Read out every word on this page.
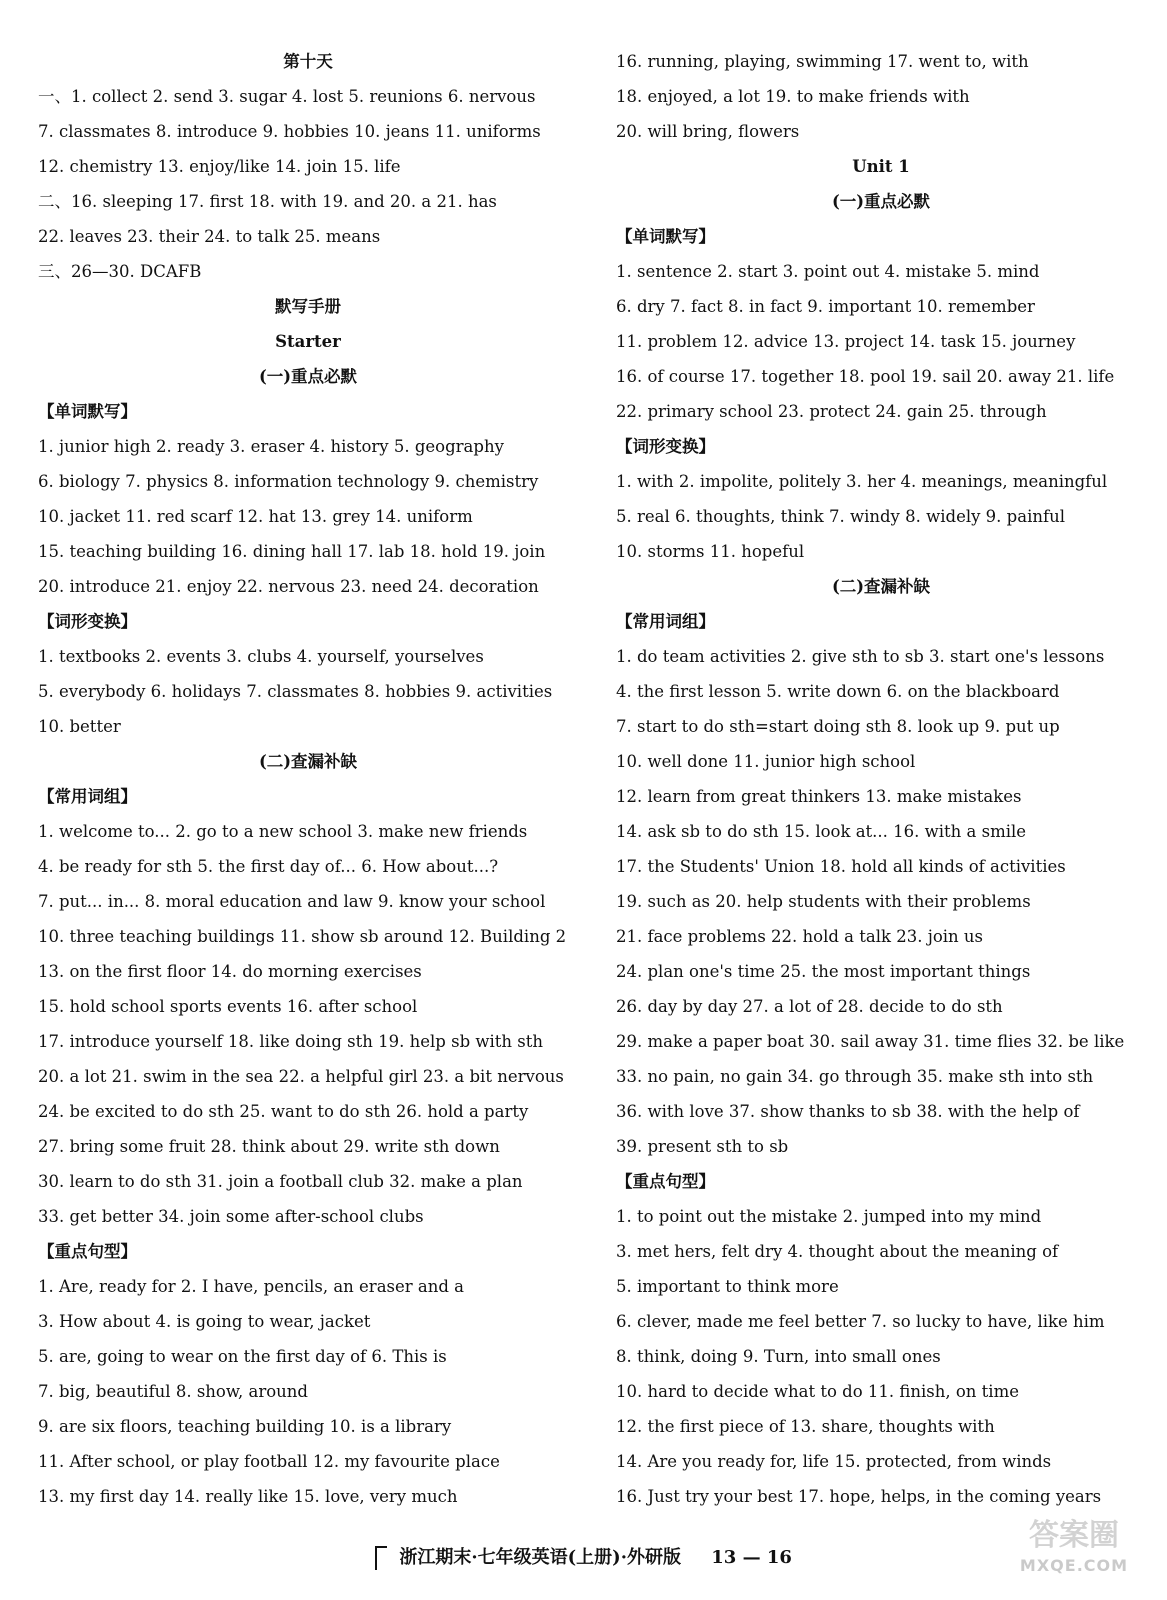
第十天
一、1. collect 2. send 3. sugar 4. lost 5. reunions 6. nervous
7. classmates 8. introduce 9. hobbies 10. jeans 11. uniforms
12. chemistry 13. enjoy/like 14. join 15. life
二、16. sleeping 17. first 18. with 19. and 20. a 21. has
22. leaves 23. their 24. to talk 25. means
三、26—30. DCAFB
默写手册
Starter
(一)重点必默
【单词默写】
1. junior high 2. ready 3. eraser 4. history 5. geography
6. biology 7. physics 8. information technology 9. chemistry
10. jacket 11. red scarf 12. hat 13. grey 14. uniform
15. teaching building 16. dining hall 17. lab 18. hold 19. join
20. introduce 21. enjoy 22. nervous 23. need 24. decoration
【词形变换】
1. textbooks 2. events 3. clubs 4. yourself, yourselves
5. everybody 6. holidays 7. classmates 8. hobbies 9. activities
10. better
(二)查漏补缺
【常用词组】
1. welcome to... 2. go to a new school 3. make new friends
4. be ready for sth 5. the first day of... 6. How about...?
7. put... in... 8. moral education and law 9. know your school
10. three teaching buildings 11. show sb around 12. Building 2
13. on the first floor 14. do morning exercises
15. hold school sports events 16. after school
17. introduce yourself 18. like doing sth 19. help sb with sth
20. a lot 21. swim in the sea 22. a helpful girl 23. a bit nervous
24. be excited to do sth 25. want to do sth 26. hold a party
27. bring some fruit 28. think about 29. write sth down
30. learn to do sth 31. join a football club 32. make a plan
33. get better 34. join some after-school clubs
【重点句型】
1. Are, ready for 2. I have, pencils, an eraser and a
3. How about 4. is going to wear, jacket
5. are, going to wear on the first day of 6. This is
7. big, beautiful 8. show, around
9. are six floors, teaching building 10. is a library
11. After school, or play football 12. my favourite place
13. my first day 14. really like 15. love, very much
16. running, playing, swimming 17. went to, with
18. enjoyed, a lot 19. to make friends with
20. will bring, flowers
Unit 1
(一)重点必默
【单词默写】
1. sentence 2. start 3. point out 4. mistake 5. mind
6. dry 7. fact 8. in fact 9. important 10. remember
11. problem 12. advice 13. project 14. task 15. journey
16. of course 17. together 18. pool 19. sail 20. away 21. life
22. primary school 23. protect 24. gain 25. through
【词形变换】
1. with 2. impolite, politely 3. her 4. meanings, meaningful
5. real 6. thoughts, think 7. windy 8. widely 9. painful
10. storms 11. hopeful
(二)查漏补缺
【常用词组】
1. do team activities 2. give sth to sb 3. start one's lessons
4. the first lesson 5. write down 6. on the blackboard
7. start to do sth=start doing sth 8. look up 9. put up
10. well done 11. junior high school
12. learn from great thinkers 13. make mistakes
14. ask sb to do sth 15. look at... 16. with a smile
17. the Students' Union 18. hold all kinds of activities
19. such as 20. help students with their problems
21. face problems 22. hold a talk 23. join us
24. plan one's time 25. the most important things
26. day by day 27. a lot of 28. decide to do sth
29. make a paper boat 30. sail away 31. time flies 32. be like
33. no pain, no gain 34. go through 35. make sth into sth
36. with love 37. show thanks to sb 38. with the help of
39. present sth to sb
【重点句型】
1. to point out the mistake 2. jumped into my mind
3. met hers, felt dry 4. thought about the meaning of
5. important to think more
6. clever, made me feel better 7. so lucky to have, like him
8. think, doing 9. Turn, into small ones
10. hard to decide what to do 11. finish, on time
12. the first piece of 13. share, thoughts with
14. Are you ready for, life 15. protected, from winds
16. Just try your best 17. hope, helps, in the coming years
浙江期末·七年级英语(上册)·外研版 13 — 16
答案圈
MXQE.COM
